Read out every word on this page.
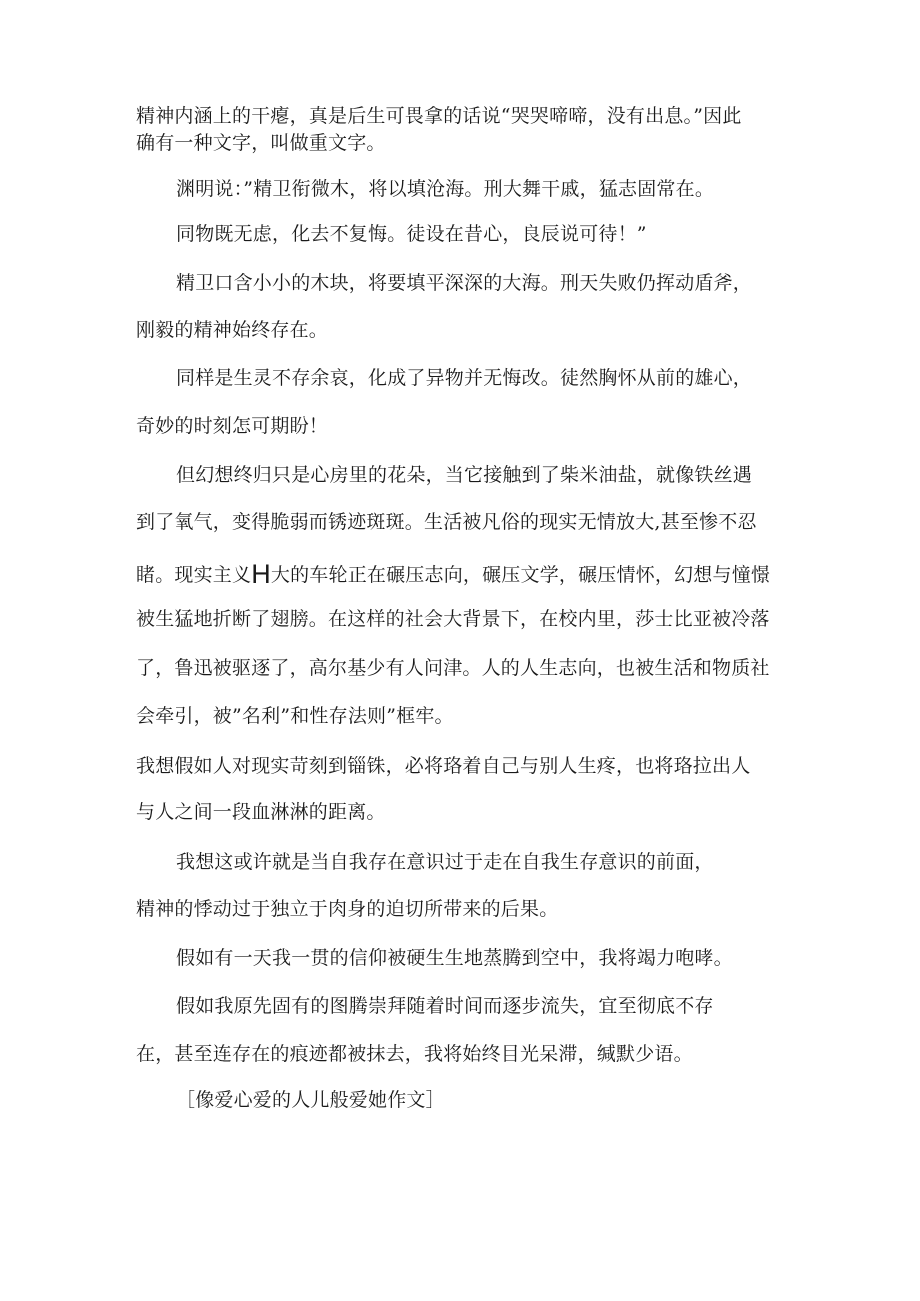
精神内涵上的干瘪，真是后生可畏拿的话说“哭哭啼啼，没有出息。”因此
确有一种文字，叫做重文字。
渊明说：”精卫衔微木，将以填沧海。刑大舞干戚，猛志固常在。
同物既无虑，化去不复悔。徒设在昔心，良辰说可待！”
精卫口含小小的木块，将要填平深深的大海。刑天失败仍挥动盾斧，
刚毅的精神始终存在。
同样是生灵不存余哀，化成了异物并无悔改。徒然胸怀从前的雄心，
奇妙的时刻怎可期盼！
但幻想终归只是心房里的花朵，当它接触到了柴米油盐，就像铁丝遇
到了氧气，变得脆弱而锈迹斑斑。生活被凡俗的现实无情放大,甚至惨不忍
睹。现实主义H大的车轮正在碾压志向，碾压文学，碾压情怀，幻想与憧憬
被生猛地折断了翅膀。在这样的社会大背景下，在校内里，莎士比亚被冷落
了，鲁迅被驱逐了，高尔基少有人问津。人的人生志向，也被生活和物质社
会牵引，被”名利”和性存法则”框牢。
我想假如人对现实苛刻到锱铢，必将珞着自己与别人生疼，也将珞拉出人
与人之间一段血淋淋的距离。
我想这或许就是当自我存在意识过于走在自我生存意识的前面，
精神的悸动过于独立于肉身的迫切所带来的后果。
假如有一天我一贯的信仰被硬生生地蒸腾到空中，我将竭力咆哮。
假如我原先固有的图腾崇拜随着时间而逐步流失，宜至彻底不存
在，甚至连存在的痕迹都被抹去，我将始终目光呆滞，缄默少语。
［像爱心爱的人儿般爱她作文］
